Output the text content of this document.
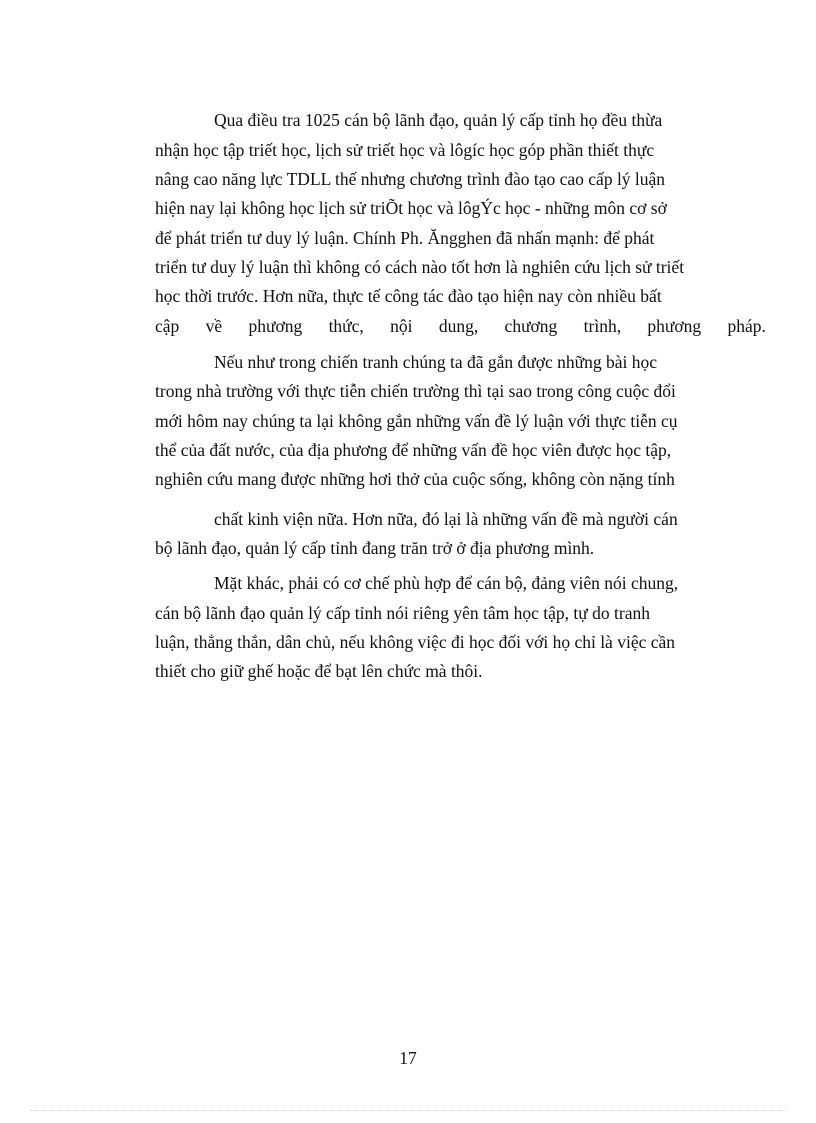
Qua điều tra 1025 cán bộ lãnh đạo, quản lý cấp tỉnh họ đều thừa
nhận học tập triết học, lịch sử triết học và lôgíc học góp phần thiết thực
nâng cao năng lực TDLL thế nhưng chương trình đào tạo cao cấp lý luận
hiện nay lại không học lịch sử triÕt học và lôgÝc học - những môn cơ sở
để phát triển tư duy lý luận. Chính Ph. Ăngghen đã nhấn mạnh: để phát
triển tư duy lý luận thì không có cách nào tốt hơn là nghiên cứu lịch sử triết
học thời trước. Hơn nữa, thực tế công tác đào tạo hiện nay còn nhiều bất
cập về phương thức, nội dung, chương trình, phương pháp.
Nếu như trong chiến tranh chúng ta đã gắn được những bài học
trong nhà trường với thực tiễn chiến trường thì tại sao trong công cuộc đổi
mới hôm nay chúng ta lại không gắn những vấn đề lý luận với thực tiễn cụ
thể của đất nước, của địa phương để những vấn đề học viên được học tập,
nghiên cứu mang được những hơi thở của cuộc sống, không còn nặng tính
chất kinh viện nữa. Hơn nữa, đó lại là những vấn đề mà người cán
bộ lãnh đạo, quản lý cấp tỉnh đang trăn trở ở địa phương mình.
Mặt khác, phải có cơ chế phù hợp để cán bộ, đảng viên nói chung,
cán bộ lãnh đạo quản lý cấp tỉnh nói riêng yên tâm học tập, tự do tranh
luận, thẳng thắn, dân chủ, nếu không việc đi học đối với họ chỉ là việc cần
thiết cho giữ ghế hoặc để bạt lên chức mà thôi.
17
